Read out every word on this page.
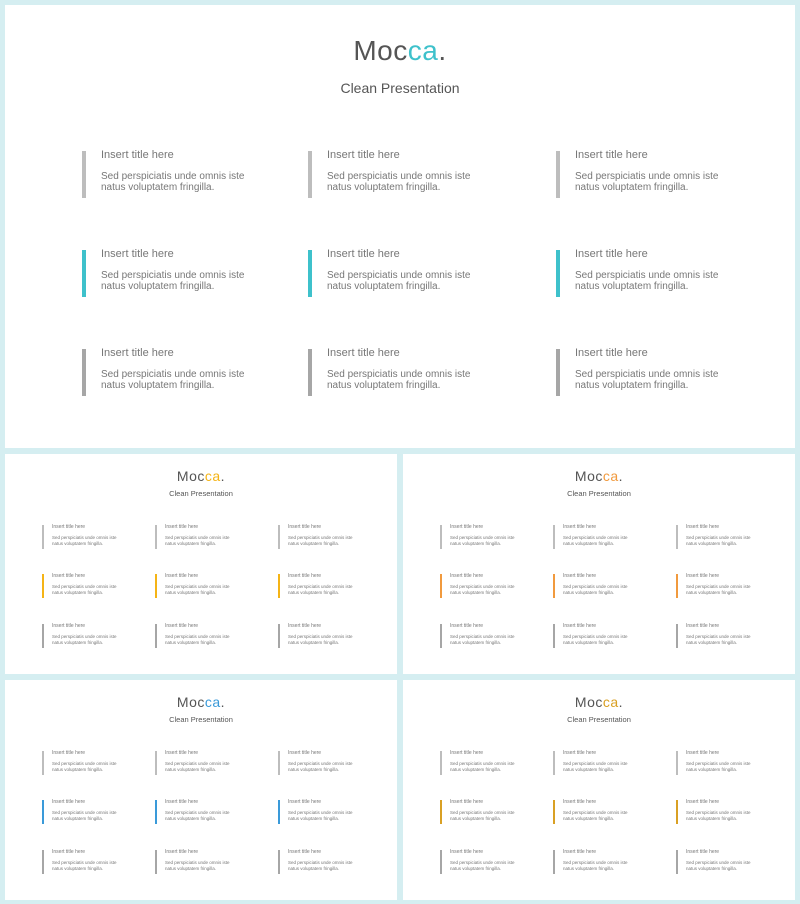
Mocca.
Clean Presentation
Insert title here
Sed perspiciatis unde omnis iste
natus voluptatem fringilla.
Insert title here
Sed perspiciatis unde omnis iste
natus voluptatem fringilla.
Insert title here
Sed perspiciatis unde omnis iste
natus voluptatem fringilla.
Insert title here
Sed perspiciatis unde omnis iste
natus voluptatem fringilla.
Insert title here
Sed perspiciatis unde omnis iste
natus voluptatem fringilla.
Insert title here
Sed perspiciatis unde omnis iste
natus voluptatem fringilla.
Insert title here
Sed perspiciatis unde omnis iste
natus voluptatem fringilla.
Insert title here
Sed perspiciatis unde omnis iste
natus voluptatem fringilla.
Insert title here
Sed perspiciatis unde omnis iste
natus voluptatem fringilla.
Mocca.
Clean Presentation
Insert title here
Sed perspiciatis unde omnis iste
natus voluptatem fringilla.
Insert title here
Sed perspiciatis unde omnis iste
natus voluptatem fringilla.
Insert title here
Sed perspiciatis unde omnis iste
natus voluptatem fringilla.
Insert title here
Sed perspiciatis unde omnis iste
natus voluptatem fringilla.
Insert title here
Sed perspiciatis unde omnis iste
natus voluptatem fringilla.
Insert title here
Sed perspiciatis unde omnis iste
natus voluptatem fringilla.
Insert title here
Sed perspiciatis unde omnis iste
natus voluptatem fringilla.
Insert title here
Sed perspiciatis unde omnis iste
natus voluptatem fringilla.
Insert title here
Sed perspiciatis unde omnis iste
natus voluptatem fringilla.
Mocca.
Clean Presentation
Insert title here
Sed perspiciatis unde omnis iste
natus voluptatem fringilla.
Insert title here
Sed perspiciatis unde omnis iste
natus voluptatem fringilla.
Insert title here
Sed perspiciatis unde omnis iste
natus voluptatem fringilla.
Insert title here
Sed perspiciatis unde omnis iste
natus voluptatem fringilla.
Insert title here
Sed perspiciatis unde omnis iste
natus voluptatem fringilla.
Insert title here
Sed perspiciatis unde omnis iste
natus voluptatem fringilla.
Insert title here
Sed perspiciatis unde omnis iste
natus voluptatem fringilla.
Insert title here
Sed perspiciatis unde omnis iste
natus voluptatem fringilla.
Insert title here
Sed perspiciatis unde omnis iste
natus voluptatem fringilla.
Mocca.
Clean Presentation
Insert title here
Sed perspiciatis unde omnis iste
natus voluptatem fringilla.
Insert title here
Sed perspiciatis unde omnis iste
natus voluptatem fringilla.
Insert title here
Sed perspiciatis unde omnis iste
natus voluptatem fringilla.
Insert title here
Sed perspiciatis unde omnis iste
natus voluptatem fringilla.
Insert title here
Sed perspiciatis unde omnis iste
natus voluptatem fringilla.
Insert title here
Sed perspiciatis unde omnis iste
natus voluptatem fringilla.
Insert title here
Sed perspiciatis unde omnis iste
natus voluptatem fringilla.
Insert title here
Sed perspiciatis unde omnis iste
natus voluptatem fringilla.
Insert title here
Sed perspiciatis unde omnis iste
natus voluptatem fringilla.
Mocca.
Clean Presentation
Insert title here
Sed perspiciatis unde omnis iste
natus voluptatem fringilla.
Insert title here
Sed perspiciatis unde omnis iste
natus voluptatem fringilla.
Insert title here
Sed perspiciatis unde omnis iste
natus voluptatem fringilla.
Insert title here
Sed perspiciatis unde omnis iste
natus voluptatem fringilla.
Insert title here
Sed perspiciatis unde omnis iste
natus voluptatem fringilla.
Insert title here
Sed perspiciatis unde omnis iste
natus voluptatem fringilla.
Insert title here
Sed perspiciatis unde omnis iste
natus voluptatem fringilla.
Insert title here
Sed perspiciatis unde omnis iste
natus voluptatem fringilla.
Insert title here
Sed perspiciatis unde omnis iste
natus voluptatem fringilla.
